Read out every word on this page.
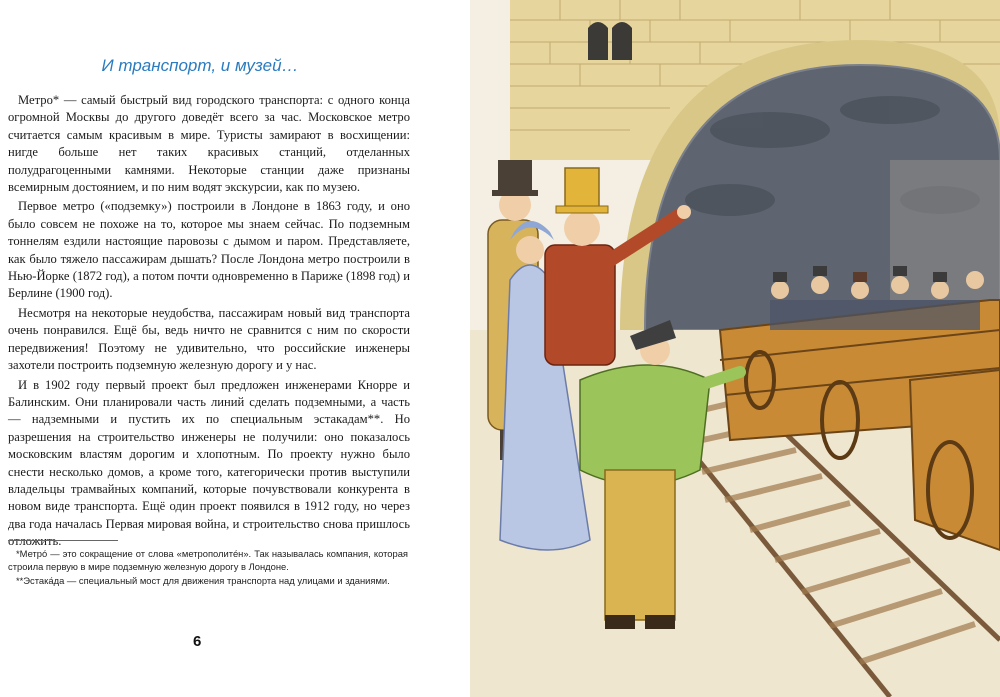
И транспорт, и музей…

Метро* — самый быстрый вид городского транспорта: с одного конца огромной Москвы до другого доведёт всего за час. Московское метро считается самым красивым в мире. Туристы замирают в восхищении: нигде больше нет таких красивых станций, отделанных полудрагоценными камнями. Некоторые станции даже признаны всемирным достоянием, и по ним водят экскурсии, как по музею.

Первое метро («подземку») построили в Лондоне в 1863 году, и оно было совсем не похоже на то, которое мы знаем сейчас. По подземным тоннелям ездили настоящие паровозы с дымом и паром. Представляете, как было тяжело пассажирам дышать? После Лондона метро построили в Нью-Йорке (1872 год), а потом почти одновременно в Париже (1898 год) и Берлине (1900 год).

Несмотря на некоторые неудобства, пассажирам новый вид транспорта очень понравился. Ещё бы, ведь ничто не сравнится с ним по скорости передвижения! Поэтому не удивительно, что российские инженеры захотели построить подземную железную дорогу и у нас.

И в 1902 году первый проект был предложен инженерами Кнорре и Балинским. Они планировали часть линий сделать подземными, а часть — надземными и пустить их по специальным эстакадам**. Но разрешения на строительство инженеры не получили: оно показалось московским властям дорогим и хлопотным. По проекту нужно было снести несколько домов, а кроме того, категорически против выступили владельцы трамвайных компаний, которые почувствовали конкурента в новом виде транспорта. Ещё один проект появился в 1912 году, но через два года началась Первая мировая война, и строительство снова пришлось отложить.

*Метро́ — это сокращение от слова «метрополите́н». Так называлась компания, которая строила первую в мире подземную железную дорогу в Лондоне.

**Эстака́да — специальный мост для движения транспорта над улицами и зданиями.

6
